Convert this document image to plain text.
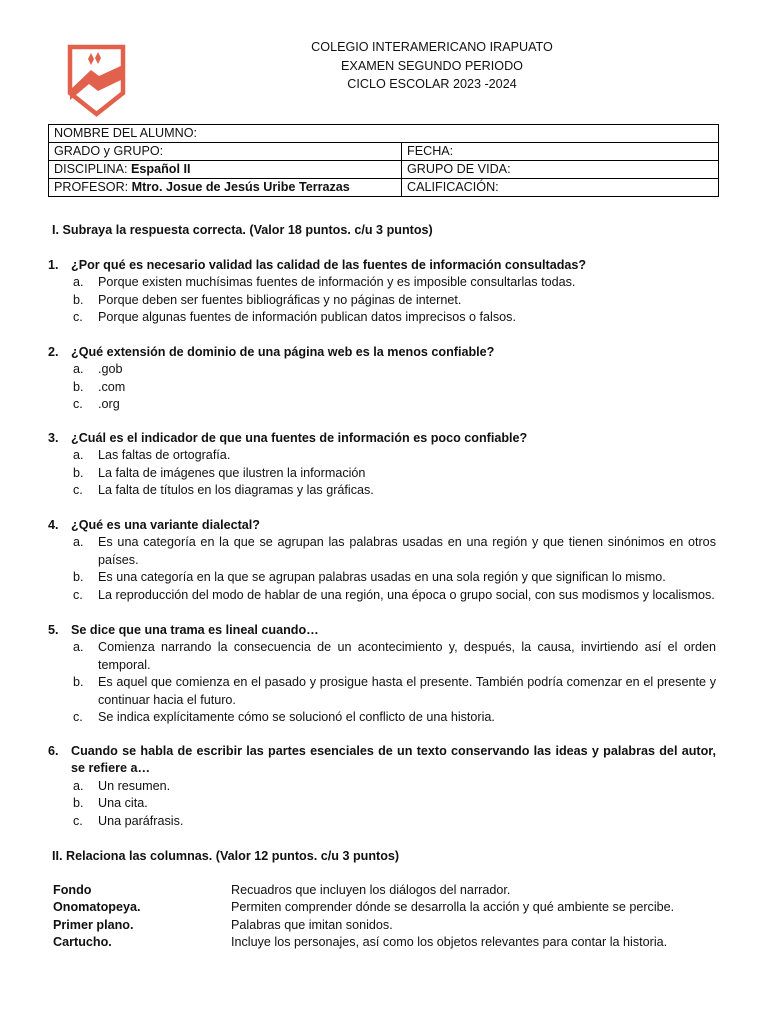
COLEGIO INTERAMERICANO IRAPUATO
EXAMEN SEGUNDO PERIODO
CICLO ESCOLAR 2023 -2024
NOMBRE DEL ALUMNO:	
GRADO y GRUPO:	FECHA:
DISCIPLINA: Español II	GRUPO DE VIDA:
PROFESOR: Mtro. Josue de Jesús Uribe Terrazas	CALIFICACIÓN:
I. Subraya la respuesta correcta. (Valor 18 puntos. c/u 3 puntos)
1. ¿Por qué es necesario validad las calidad de las fuentes de información consultadas?
a.	Porque existen muchísimas fuentes de información y es imposible consultarlas todas.
b.	Porque deben ser fuentes bibliográficas y no páginas de internet.
c.	Porque algunas fuentes de información publican datos imprecisos o falsos.
2. ¿Qué extensión de dominio de una página web es la menos confiable?
a.	.gob
b.	.com
c.	.org
3. ¿Cuál es el indicador de que una fuentes de información es poco confiable?
a.	Las faltas de ortografía.
b.	La falta de imágenes que ilustren la información
c.	La falta de títulos en los diagramas y las gráficas.
4. ¿Qué es una variante dialectal?
a.	Es una categoría en la que se agrupan las palabras usadas en una región y que tienen sinónimos en otros países.
b.	Es una categoría en la que se agrupan palabras usadas en una sola región y que significan lo mismo.
c.	La reproducción del modo de hablar de una región, una época o grupo social, con sus modismos y localismos.
5. Se dice que una trama es lineal cuando…
a.	Comienza narrando la consecuencia de un acontecimiento y, después, la causa, invirtiendo así el orden temporal.
b.	Es aquel que comienza en el pasado y prosigue hasta el presente. También podría comenzar en el presente y continuar hacia el futuro.
c.	Se indica explícitamente cómo se solucionó el conflicto de una historia.
6. Cuando se habla de escribir las partes esenciales de un texto conservando las ideas y palabras del autor, se refiere a…
a.	Un resumen.
b.	Una cita.
c.	Una paráfrasis.
II. Relaciona las columnas. (Valor 12 puntos. c/u 3 puntos)
Fondo	Recuadros que incluyen los diálogos del narrador.
Onomatopeya.	Permiten comprender dónde se desarrolla la acción y qué ambiente se percibe.
Primer plano.	Palabras que imitan sonidos.
Cartucho.	Incluye los personajes, así como los objetos relevantes para contar la historia.
